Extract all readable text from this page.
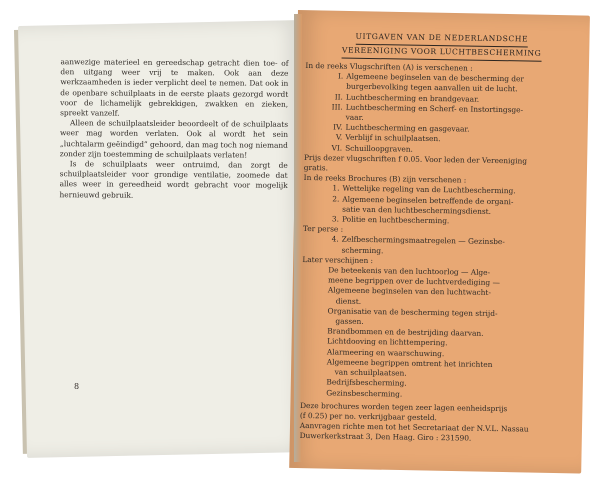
aanwezige materieel en gereedschap getracht dien toe- of den uitgang weer vrij te maken. Ook aan deze werkzaamheden is ieder verplicht deel te nemen. Dat ook in de openbare schuilplaats in de eerste plaats gezorgd wordt voor de lichamelijk gebrekkigen, zwakken en zieken, spreekt vanzelf.

Alleen de schuilplaatsleider beoordeelt of de schuilplaats weer mag worden verlaten. Ook al wordt het sein „luchtalarm geëindigd” gehoord, dan mag toch nog niemand zonder zijn toestemming de schuilplaats verlaten!

Is de schuilplaats weer ontruimd, dan zorgt de schuilplaatsleider voor grondige ventilatie, zoomede dat alles weer in gereedheid wordt gebracht voor mogelijk hernieuwd gebruik.

8
UITGAVEN VAN DE NEDERLANDSCHE
VEREENIGING VOOR LUCHTBESCHERMING

In de reeks Vlugschriften (A) is verschenen :

I. Algemeene beginselen van de bescherming der

burgerbevolking tegen aanvallen uit de lucht.

II. Luchtbescherming en brandgevaar.

III. Luchtbescherming en Scherf- en Instortingsge-

vaar.

IV. Luchtbescherming en gasgevaar.

V. Verblijf in schuilplaatsen.

VI. Schuilloopgraven.

Prijs dezer vlugschriften f 0.05. Voor leden der Vereeniging

gratis.

In de reeks Brochures (B) zijn verschenen :

1. Wettelijke regeling van de Luchtbescherming.

2. Algemeene beginselen betreffende de organi-

satie van den luchtbeschermingsdienst.

3. Politie en luchtbescherming.

Ter perse :

4. Zelfbeschermingsmaatregelen — Gezinsbe-

scherming.

Later verschijnen :

De beteekenis van den luchtoorlog — Alge-

meene begrippen over de luchtverdediging —

Algemeene beginselen van den luchtwacht-

dienst.

Organisatie van de bescherming tegen strijd-

gassen.

Brandbommen en de bestrijding daarvan.

Lichtdooving en lichttempering.

Alarmeering en waarschuwing.

Algemeene begrippen omtrent het inrichten

van schuilplaatsen.

Bedrijfsbescherming.

Gezinsbescherming.

Deze brochures worden tegen zeer lagen eenheidsprijs

(f 0.25) per no. verkrijgbaar gesteld.

Aanvragen richte men tot het Secretariaat der N.V.L. Nassau

Duwerkerkstraat 3, Den Haag. Giro : 231590.
